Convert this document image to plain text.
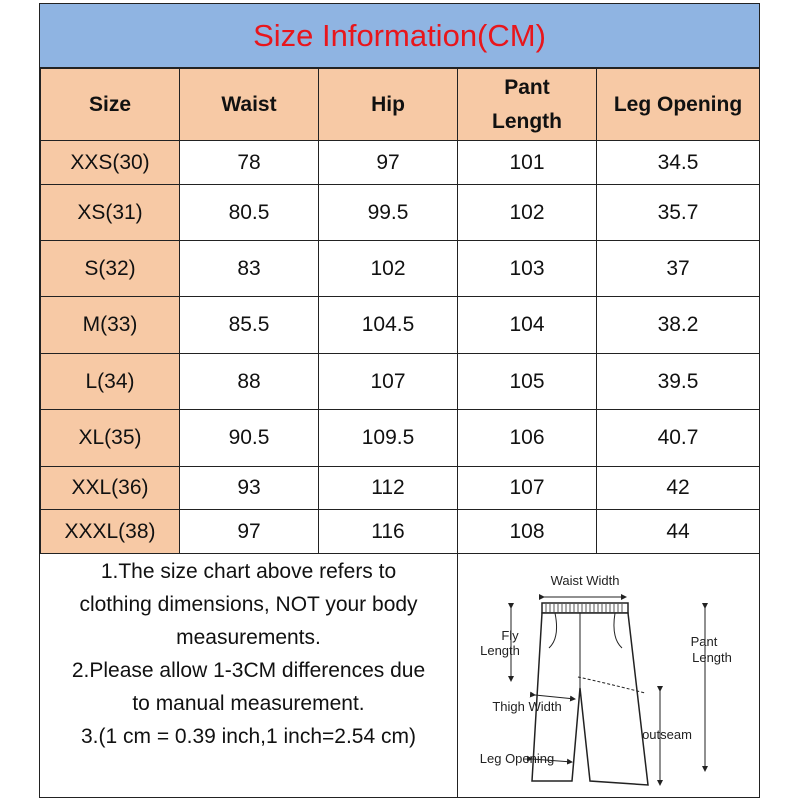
Size Information(CM)
Size	Waist	Hip	Pant Length	Leg Opening
XXS(30)	78	97	101	34.5
XS(31)	80.5	99.5	102	35.7
S(32)	83	102	103	37
M(33)	85.5	104.5	104	38.2
L(34)	88	107	105	39.5
XL(35)	90.5	109.5	106	40.7
XXL(36)	93	112	107	42
XXXL(38)	97	116	108	44
1.The size chart above refers to
clothing dimensions, NOT your body
measurements.
2.Please allow 1-3CM differences due
to manual measurement.
3.(1 cm = 0.39 inch,1 inch=2.54 cm)
Waist Width
Fly
Length
Pant
Length
outseam
Thigh Width
Leg Opening
